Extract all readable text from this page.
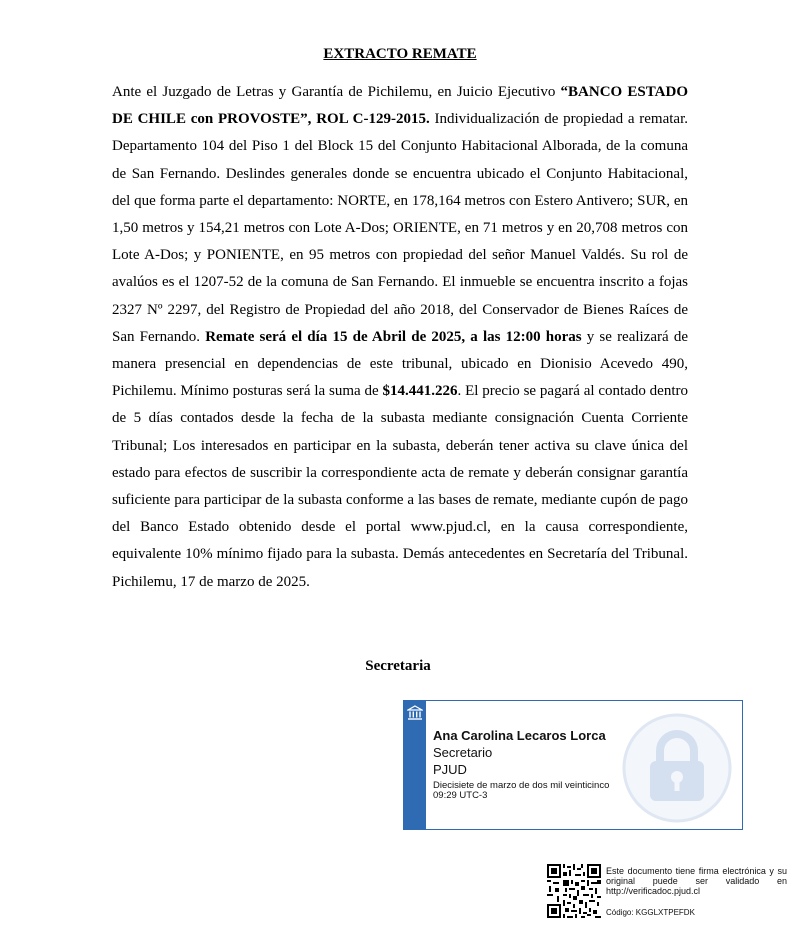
EXTRACTO REMATE

Ante el Juzgado de Letras y Garantía de Pichilemu, en Juicio Ejecutivo “BANCO ESTADO DE CHILE con PROVOSTE”, ROL C-129-2015. Individualización de propiedad a rematar. Departamento 104 del Piso 1 del Block 15 del Conjunto Habitacional Alborada, de la comuna de San Fernando. Deslindes generales donde se encuentra ubicado el Conjunto Habitacional, del que forma parte el departamento: NORTE, en 178,164 metros con Estero Antivero; SUR, en 1,50 metros y 154,21 metros con Lote A-Dos; ORIENTE, en 71 metros y en 20,708 metros con Lote A-Dos; y PONIENTE, en 95 metros con propiedad del señor Manuel Valdés. Su rol de avalúos es el 1207-52 de la comuna de San Fernando. El inmueble se encuentra inscrito a fojas 2327 Nº 2297, del Registro de Propiedad del año 2018, del Conservador de Bienes Raíces de San Fernando. Remate será el día 15 de Abril de 2025, a las 12:00 horas y se realizará de manera presencial en dependencias de este tribunal, ubicado en Dionisio Acevedo 490, Pichilemu. Mínimo posturas será la suma de $14.441.226. El precio se pagará al contado dentro de 5 días contados desde la fecha de la subasta mediante consignación Cuenta Corriente Tribunal; Los interesados en participar en la subasta, deberán tener activa su clave única del estado para efectos de suscribir la correspondiente acta de remate y deberán consignar garantía suficiente para participar de la subasta conforme a las bases de remate, mediante cupón de pago del Banco Estado obtenido desde el portal www.pjud.cl, en la causa correspondiente, equivalente 10% mínimo fijado para la subasta. Demás antecedentes en Secretaría del Tribunal. Pichilemu, 17 de marzo de 2025.

Secretaria
Ana Carolina Lecaros Lorca
Secretario
PJUD
Diecisiete de marzo de dos mil veinticinco
09:29 UTC-3
Este documento tiene firma electrónica y su original puede ser validado en http://verificadoc.pjud.cl
Código: KGGLXTPEFDK
